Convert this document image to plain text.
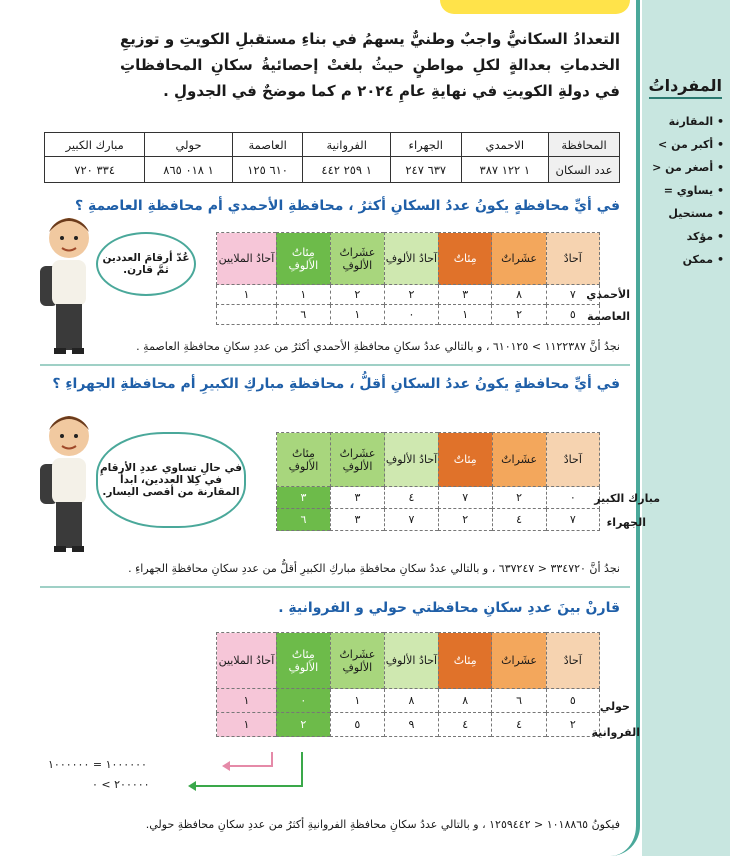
المفرداتُ
• المقارنة
• أكبر من >
• أصغر من <
• يساوي =
• مستحيل
• مؤكد
• ممكن
التعدادُ السكانيُّ واجبٌ وطنيٌّ يسهمُ في بناءِ مستقبلِ الكويتِ و توزيعِ الخدماتِ بعدالةٍ لكلِ مواطنٍ حيثُ بلغتْ إحصائيةُ سكانِ المحافظاتِ في دولةِ الكويتِ في نهايةِ عامِ ٢٠٢٤ م كما موضحٌ في الجدولِ .
المحافظة	الاحمدي	الجهراء	الفروانية	العاصمة	حولي	مبارك الكبير
عدد السكان	١ ١٢٢ ٣٨٧	٦٣٧ ٢٤٧	١ ٢٥٩ ٤٤٢	٦١٠ ١٢٥	١ ٠١٨ ٨٦٥	٣٣٤ ٧٢٠
في أيِّ محافظةٍ يكونُ عددُ السكانِ أكثرُ ، محافظةِ الأحمدي أم محافظةِ العاصمةِ ؟
عُدّ أرقامَ العددين ثمَّ قارن.
آحادٌ	عشَراتٌ	مِئاتٌ	آحادُ الألوفِ	عشَراتُ الألوفِ	مِئاتُ الألوفِ	آحادُ الملايين
٧	٨	٣	٢	٢	١	١
٥	٢	١	٠	١	٦	
الأحمدي
العاصمة
نجدُ أنَّ ١١٢٢٣٨٧ > ٦١٠١٢٥ ، و بالتالي عددُ سكانِ محافظةِ الأحمدي أكثرُ من عددِ سكانِ محافظةِ العاصمةِ .
في أيِّ محافظةٍ يكونُ عددُ السكانِ أقلُّ ، محافظةِ مباركِ الكبيرِ أم محافظةِ الجهراءِ ؟
في حالِ تساوي عددِ الأرقامِ في كِلا العددين، ابدأ المقارنة من أقصى اليسار.
آحادٌ	عشَراتٌ	مِئاتٌ	آحادُ الألوفِ	عشَراتُ الألوفِ	مِئاتُ الألوفِ
٠	٢	٧	٤	٣	٣
٧	٤	٢	٧	٣	٦
مبارك الكبير
الجهراء
نجدُ أنَّ ٣٣٤٧٢٠ < ٦٣٧٢٤٧ ، و بالتالي عددُ سكانِ محافظةِ مباركِ الكبيرِ أقلُّ من عددِ سكانِ محافظةِ الجهراءِ .
قارنْ بينَ عددِ سكانِ محافظتي حولي و الفروانيةِ .
آحادٌ	عشَراتٌ	مِئاتٌ	آحادُ الألوفِ	عشَراتُ الألوفِ	مِئاتُ الألوفِ	آحادُ الملايين
٥	٦	٨	٨	١	٠	١
٢	٤	٤	٩	٥	٢	١
حولي
الفروانية
١٠٠٠٠٠٠ = ١٠٠٠٠٠٠
٢٠٠٠٠٠ > ٠
فيكونُ ١٠١٨٨٦٥ < ١٢٥٩٤٤٢ ، و بالتالي عددُ سكانِ محافظةِ الفروانيةِ أكثرُ من عددِ سكانِ محافظةِ حولي.
